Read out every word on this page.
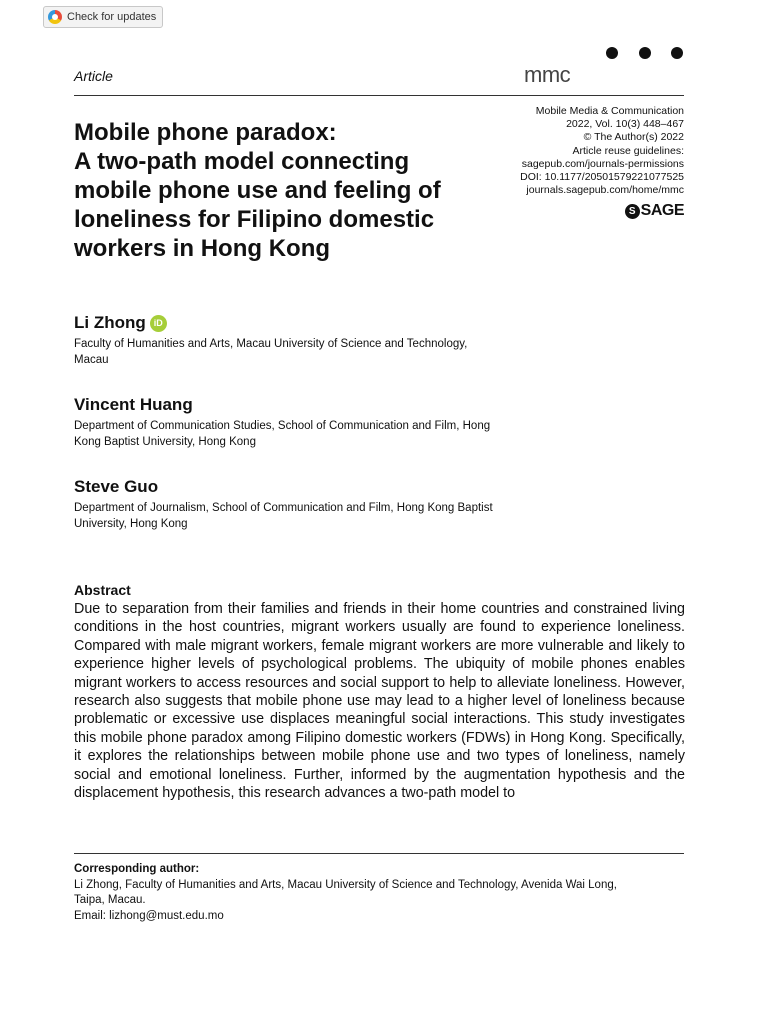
Check for updates
Article	mmc
Mobile phone paradox:
A two-path model connecting
mobile phone use and feeling of
loneliness for Filipino domestic
workers in Hong Kong
Mobile Media & Communication
2022, Vol. 10(3) 448–467
© The Author(s) 2022
Article reuse guidelines:
sagepub.com/journals-permissions
DOI: 10.1177/20501579221077525
journals.sagepub.com/home/mmc
S SAGE
Li Zhong iD
Faculty of Humanities and Arts, Macau University of Science and Technology, Macau
Vincent Huang
Department of Communication Studies, School of Communication and Film, Hong Kong Baptist University, Hong Kong
Steve Guo
Department of Journalism, School of Communication and Film, Hong Kong Baptist University, Hong Kong
Abstract

Due to separation from their families and friends in their home countries and constrained living conditions in the host countries, migrant workers usually are found to experience loneliness. Compared with male migrant workers, female migrant workers are more vulnerable and likely to experience higher levels of psychological problems. The ubiquity of mobile phones enables migrant workers to access resources and social support to help to alleviate loneliness. However, research also suggests that mobile phone use may lead to a higher level of loneliness because problematic or excessive use displaces meaningful social interactions. This study investigates this mobile phone paradox among Filipino domestic workers (FDWs) in Hong Kong. Specifically, it explores the relationships between mobile phone use and two types of loneliness, namely social and emotional loneliness. Further, informed by the augmentation hypothesis and the displacement hypothesis, this research advances a two-path model to

Corresponding author:
Li Zhong, Faculty of Humanities and Arts, Macau University of Science and Technology, Avenida Wai Long,
Taipa, Macau.
Email: lizhong@must.edu.mo
